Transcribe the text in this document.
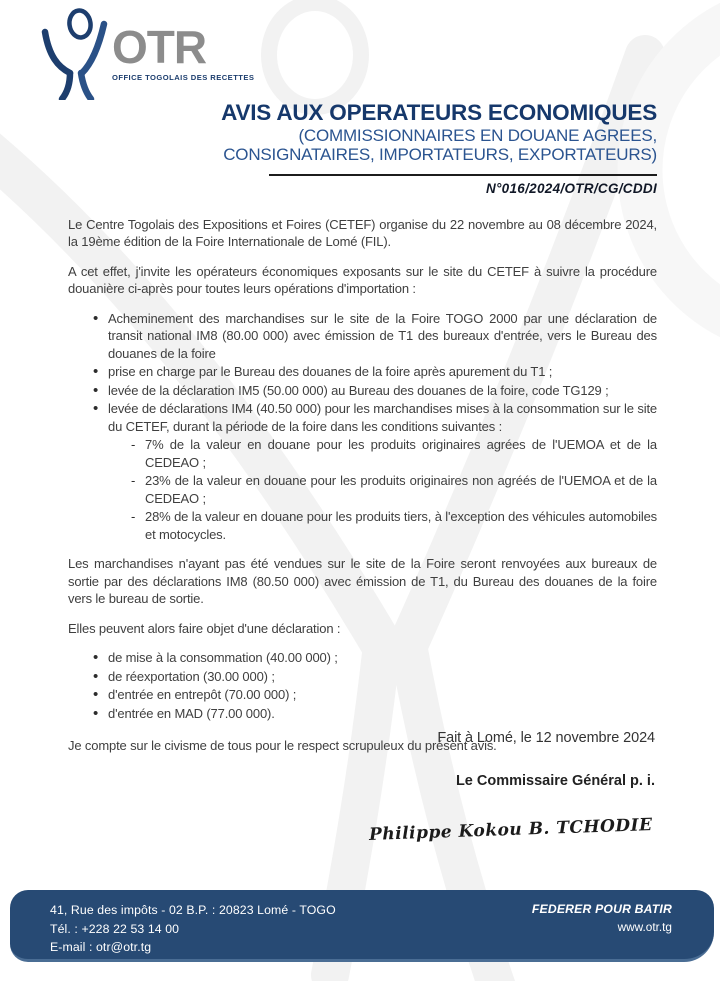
OTR
OFFICE TOGOLAIS DES RECETTES
AVIS AUX OPERATEURS ECONOMIQUES
(COMMISSIONNAIRES EN DOUANE AGREES,
CONSIGNATAIRES, IMPORTATEURS, EXPORTATEURS)
N°016/2024/OTR/CG/CDDI

Le Centre Togolais des Expositions et Foires (CETEF) organise du 22 novembre au 08 décembre 2024, la 19ème édition de la Foire Internationale de Lomé (FIL).

A cet effet, j'invite les opérateurs économiques exposants sur le site du CETEF à suivre la procédure douanière ci-après pour toutes leurs opérations d'importation :

• Acheminement des marchandises sur le site de la Foire TOGO 2000 par une déclaration de transit national IM8 (80.00 000) avec émission de T1 des bureaux d'entrée, vers le Bureau des douanes de la foire
• prise en charge par le Bureau des douanes de la foire après apurement du T1 ;
• levée de la déclaration IM5 (50.00 000) au Bureau des douanes de la foire, code TG129 ;
• levée de déclarations IM4 (40.50 000) pour les marchandises mises à la consommation sur le site du CETEF, durant la période de la foire dans les conditions suivantes :
- 7% de la valeur en douane pour les produits originaires agrées de l'UEMOA et de la CEDEAO ;
- 23% de la valeur en douane pour les produits originaires non agréés de l'UEMOA et de la CEDEAO ;
- 28% de la valeur en douane pour les produits tiers, à l'exception des véhicules automobiles et motocycles.

Les marchandises n'ayant pas été vendues sur le site de la Foire seront renvoyées aux bureaux de sortie par des déclarations IM8 (80.50 000) avec émission de T1, du Bureau des douanes de la foire vers le bureau de sortie.

Elles peuvent alors faire objet d'une déclaration :

• de mise à la consommation (40.00 000) ;
• de réexportation (30.00 000) ;
• d'entrée en entrepôt (70.00 000) ;
• d'entrée en MAD (77.00 000).

Je compte sur le civisme de tous pour le respect scrupuleux du présent avis.

Fait à Lomé, le 12 novembre 2024
Le Commissaire Général p. i.
Philippe Kokou B. TCHODIE
41, Rue des impôts - 02 B.P. : 20823 Lomé - TOGO
Tél. : +228 22 53 14 00
E-mail : otr@otr.tg
FEDERER POUR BATIR
www.otr.tg
